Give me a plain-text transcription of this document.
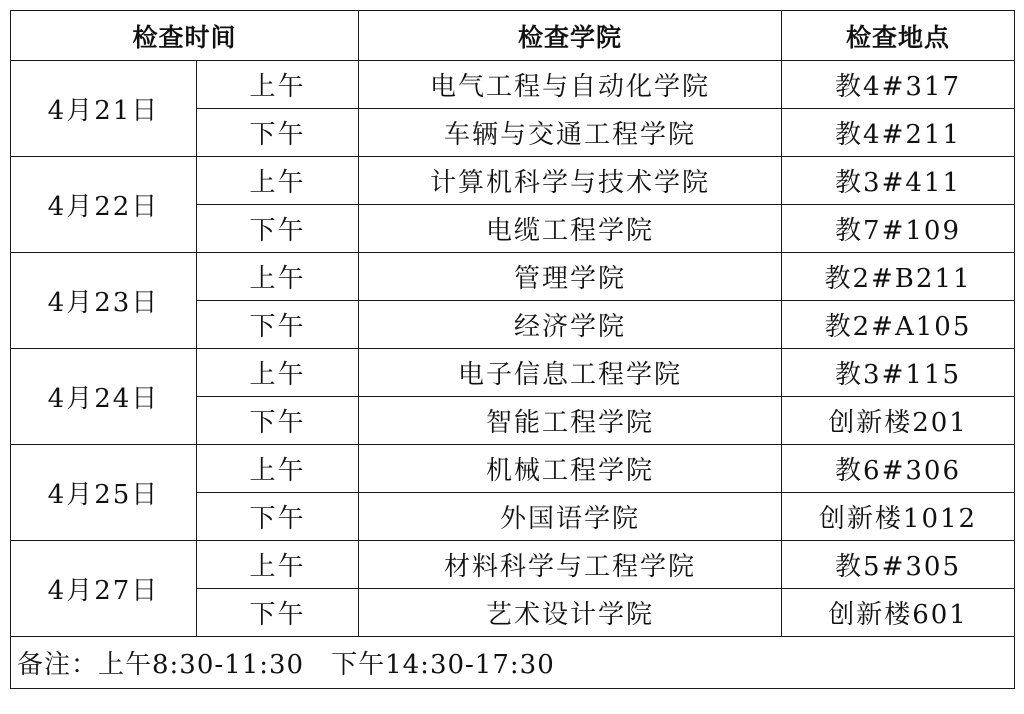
检查时间		检查学院	检查地点
4月21日	上午	电气工程与自动化学院	教4#317
	下午	车辆与交通工程学院	教4#211
4月22日	上午	计算机科学与技术学院	教3#411
	下午	电缆工程学院	教7#109
4月23日	上午	管理学院	教2#B211
	下午	经济学院	教2#A105
4月24日	上午	电子信息工程学院	教3#115
	下午	智能工程学院	创新楼201
4月25日	上午	机械工程学院	教6#306
	下午	外国语学院	创新楼1012
4月27日	上午	材料科学与工程学院	教5#305
	下午	艺术设计学院	创新楼601
备注：上午8:30-11:30　下午14:30-17:30			
